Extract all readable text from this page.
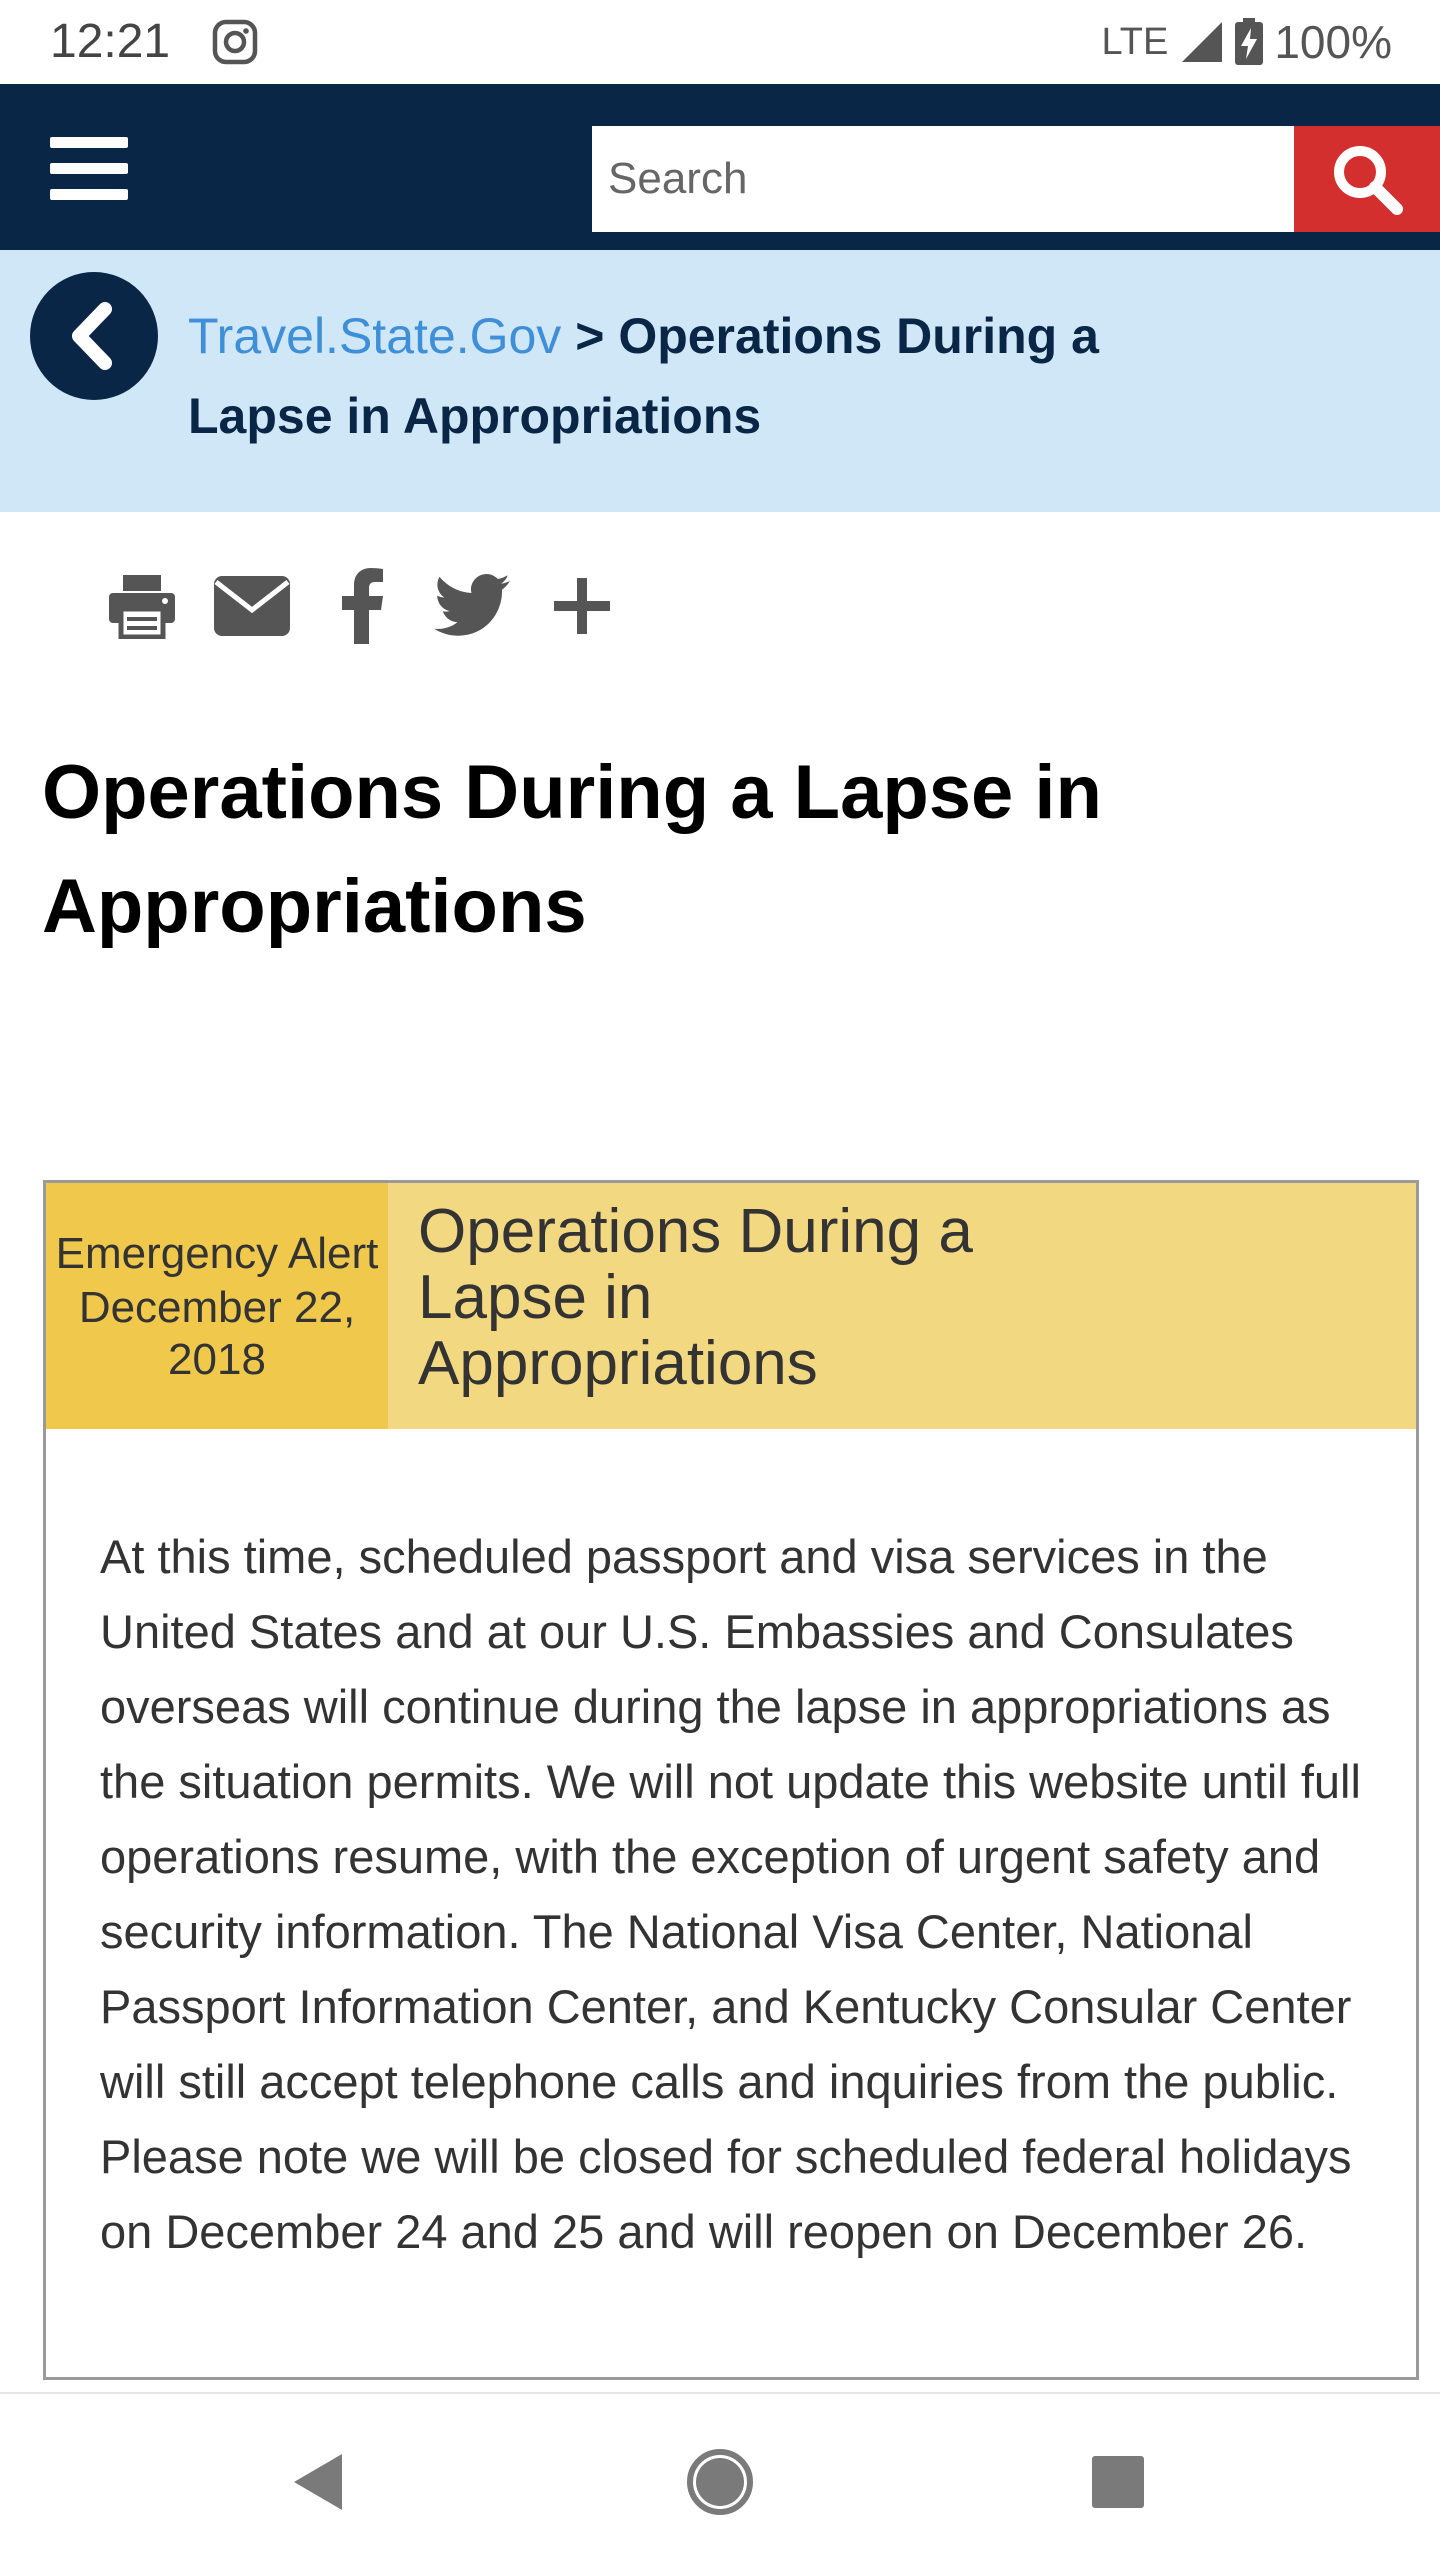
12:21	LTE 100%
Search
Travel.State.Gov > Operations During a Lapse in Appropriations
Operations During a Lapse in Appropriations
Emergency Alert
December 22, 2018
Operations During a Lapse in Appropriations

At this time, scheduled passport and visa services in the United States and at our U.S. Embassies and Consulates overseas will continue during the lapse in appropriations as the situation permits. We will not update this website until full operations resume, with the exception of urgent safety and security information. The National Visa Center, National Passport Information Center, and Kentucky Consular Center will still accept telephone calls and inquiries from the public. Please note we will be closed for scheduled federal holidays on December 24 and 25 and will reopen on December 26.
